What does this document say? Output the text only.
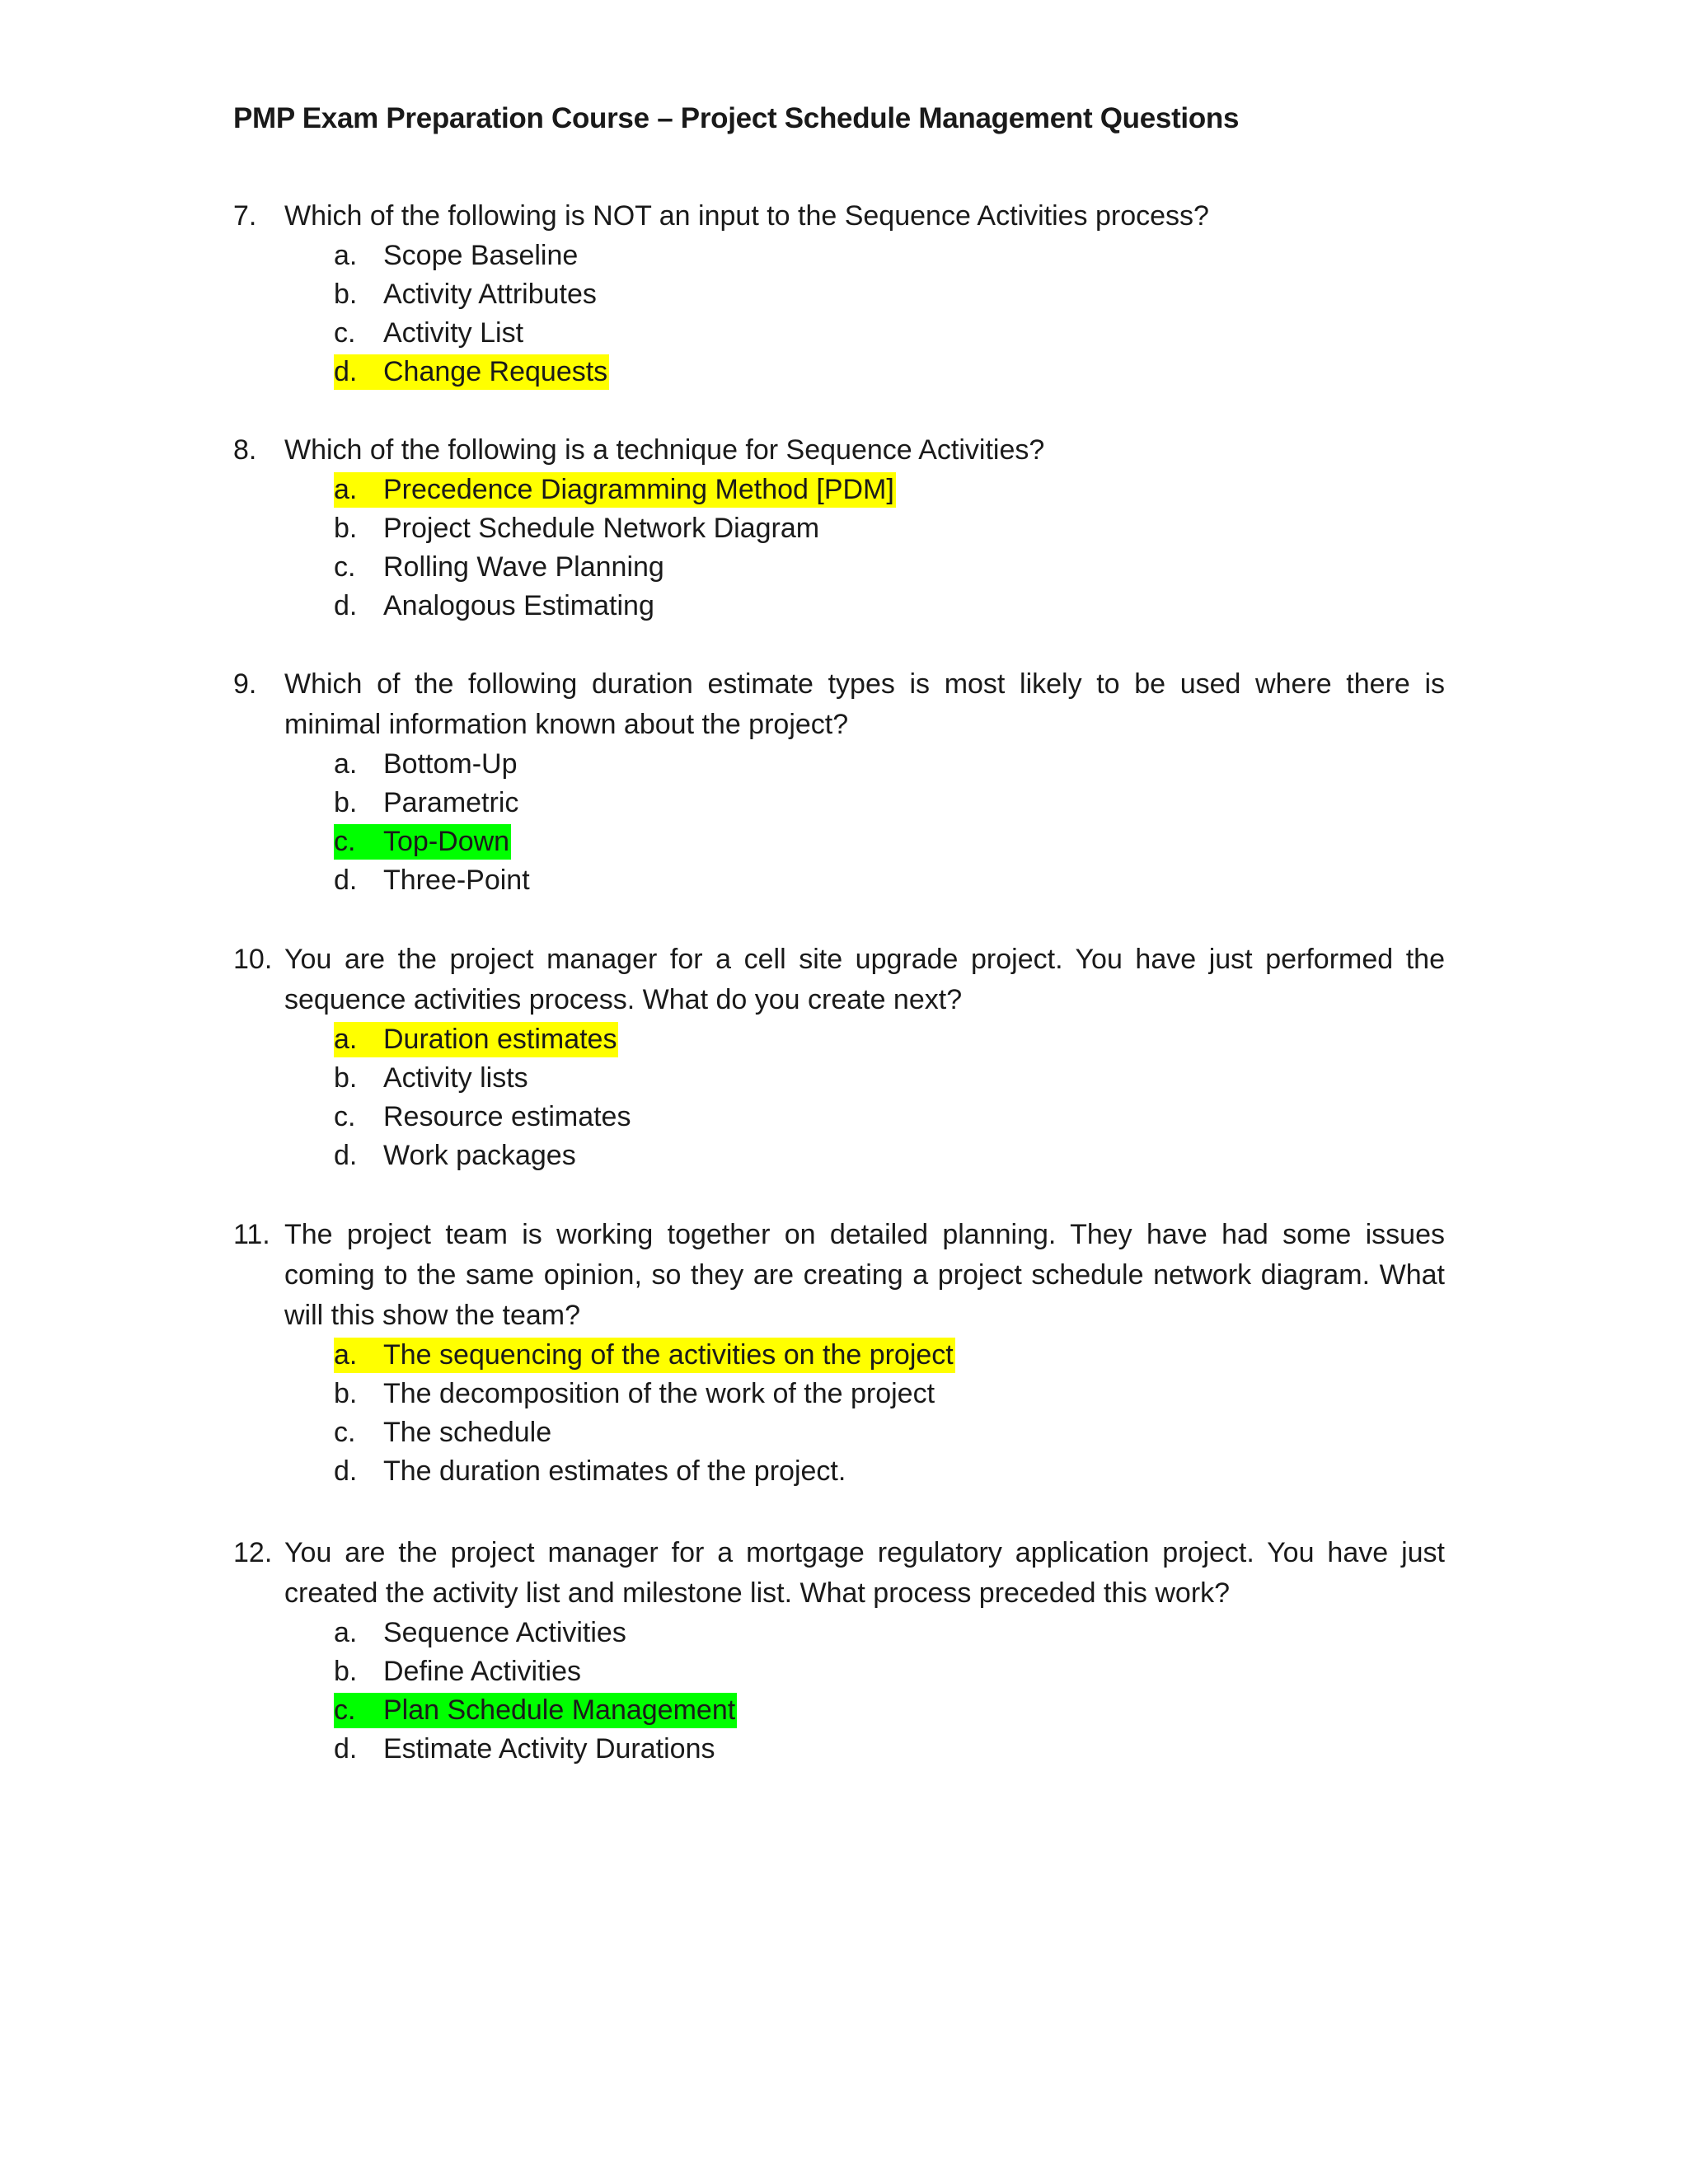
PMP Exam Preparation Course – Project Schedule Management Questions
7. Which of the following is NOT an input to the Sequence Activities process?
a. Scope Baseline
b. Activity Attributes
c. Activity List
d. Change Requests
8. Which of the following is a technique for Sequence Activities?
a. Precedence Diagramming Method [PDM]
b. Project Schedule Network Diagram
c. Rolling Wave Planning
d. Analogous Estimating
9. Which of the following duration estimate types is most likely to be used where there is minimal information known about the project?
a. Bottom-Up
b. Parametric
c. Top-Down
d. Three-Point
10. You are the project manager for a cell site upgrade project. You have just performed the sequence activities process. What do you create next?
a. Duration estimates
b. Activity lists
c. Resource estimates
d. Work packages
11. The project team is working together on detailed planning. They have had some issues coming to the same opinion, so they are creating a project schedule network diagram. What will this show the team?
a. The sequencing of the activities on the project
b. The decomposition of the work of the project
c. The schedule
d. The duration estimates of the project.
12. You are the project manager for a mortgage regulatory application project. You have just created the activity list and milestone list. What process preceded this work?
a. Sequence Activities
b. Define Activities
c. Plan Schedule Management
d. Estimate Activity Durations
